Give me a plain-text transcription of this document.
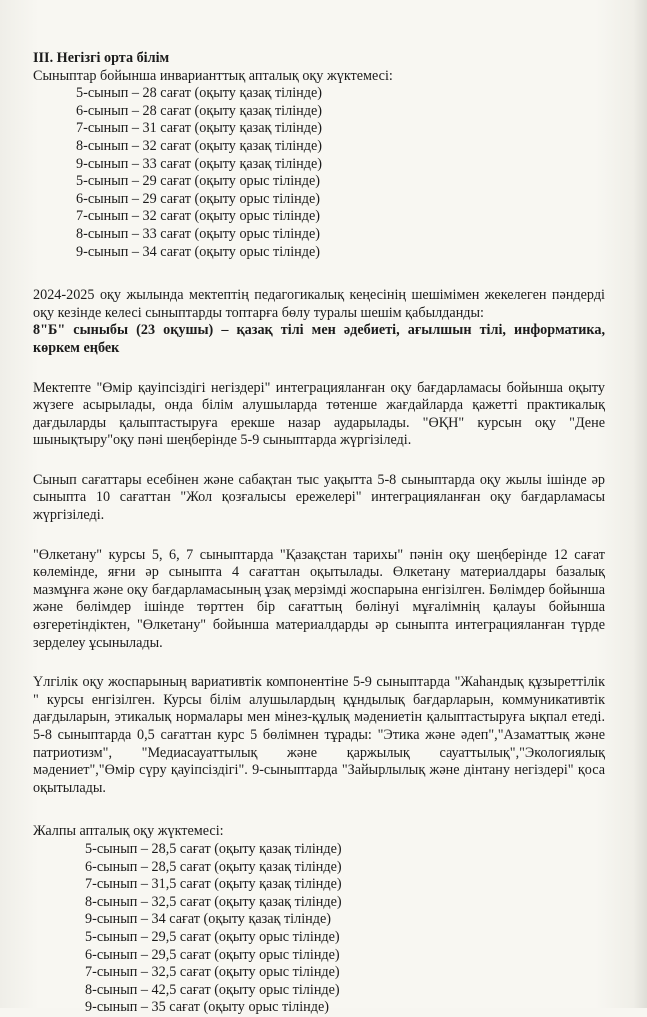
III. Негізгі орта білім

Сыныптар бойынша инварианттық апталық оқу жүктемесі:

5-сынып – 28 сағат (оқыту қазақ тілінде)
6-сынып – 28 сағат (оқыту қазақ тілінде)
7-сынып – 31 сағат (оқыту қазақ тілінде)
8-сынып – 32 сағат (оқыту қазақ тілінде)
9-сынып – 33 сағат (оқыту қазақ тілінде)
5-сынып – 29 сағат (оқыту орыс тілінде)
6-сынып – 29 сағат (оқыту орыс тілінде)
7-сынып – 32 сағат (оқыту орыс тілінде)
8-сынып – 33 сағат (оқыту орыс тілінде)
9-сынып – 34 сағат (оқыту орыс тілінде)

2024-2025 оқу жылында мектептің педагогикалық кеңесінің шешімімен жекелеген пәндерді оқу кезінде келесі сыныптарды топтарға бөлу туралы шешім қабылданды:

8"Б" сыныбы (23 оқушы) – қазақ тілі мен әдебиеті, ағылшын тілі, информатика, көркем еңбек

Мектепте "Өмір қауіпсіздігі негіздері" интеграцияланған оқу бағдарламасы бойынша оқыту жүзеге асырылады, онда білім алушыларда төтенше жағдайларда қажетті практикалық дағдыларды қалыптастыруға ерекше назар аударылады. "ӨҚН" курсын оқу "Дене шынықтыру"оқу пәні шеңберінде 5-9 сыныптарда жүргізіледі.

Сынып сағаттары есебінен және сабақтан тыс уақытта 5-8 сыныптарда оқу жылы ішінде әр сыныпта 10 сағаттан "Жол қозғалысы ережелері" интеграцияланған оқу бағдарламасы жүргізіледі.

"Өлкетану" курсы 5, 6, 7 сыныптарда "Қазақстан тарихы" пәнін оқу шеңберінде 12 сағат көлемінде, яғни әр сыныпта 4 сағаттан оқытылады. Өлкетану материалдары базалық мазмұнға және оқу бағдарламасының ұзақ мерзімді жоспарына енгізілген. Бөлімдер бойынша және бөлімдер ішінде төрттен бір сағаттың бөлінуі мұғалімнің қалауы бойынша өзгеретіндіктен, "Өлкетану" бойынша материалдарды әр сыныпта интеграцияланған түрде зерделеу ұсынылады.

Үлгілік оқу жоспарының вариативтік компонентіне 5-9 сыныптарда "Жаһандық құзыреттілік " курсы енгізілген. Курсы білім алушылардың құндылық бағдарларын, коммуникативтік дағдыларын, этикалық нормалары мен мінез-құлық мәдениетін қалыптастыруға ықпал етеді. 5-8 сыныптарда 0,5 сағаттан курс 5 бөлімнен тұрады: "Этика және әдеп","Азаматтық және патриотизм", "Медиасауаттылық және қаржылық сауаттылық","Экологиялық мәдениет","Өмір сүру қауіпсіздігі". 9-сыныптарда "Зайырлылық және дінтану негіздері" қоса оқытылады.

Жалпы апталық оқу жүктемесі:

5-сынып – 28,5 сағат (оқыту қазақ тілінде)
6-сынып – 28,5 сағат (оқыту қазақ тілінде)
7-сынып – 31,5 сағат (оқыту қазақ тілінде)
8-сынып – 32,5 сағат (оқыту қазақ тілінде)
9-сынып – 34 сағат (оқыту қазақ тілінде)
5-сынып – 29,5 сағат (оқыту орыс тілінде)
6-сынып – 29,5 сағат (оқыту орыс тілінде)
7-сынып – 32,5 сағат (оқыту орыс тілінде)
8-сынып – 42,5 сағат (оқыту орыс тілінде)
9-сынып – 35 сағат (оқыту орыс тілінде)
